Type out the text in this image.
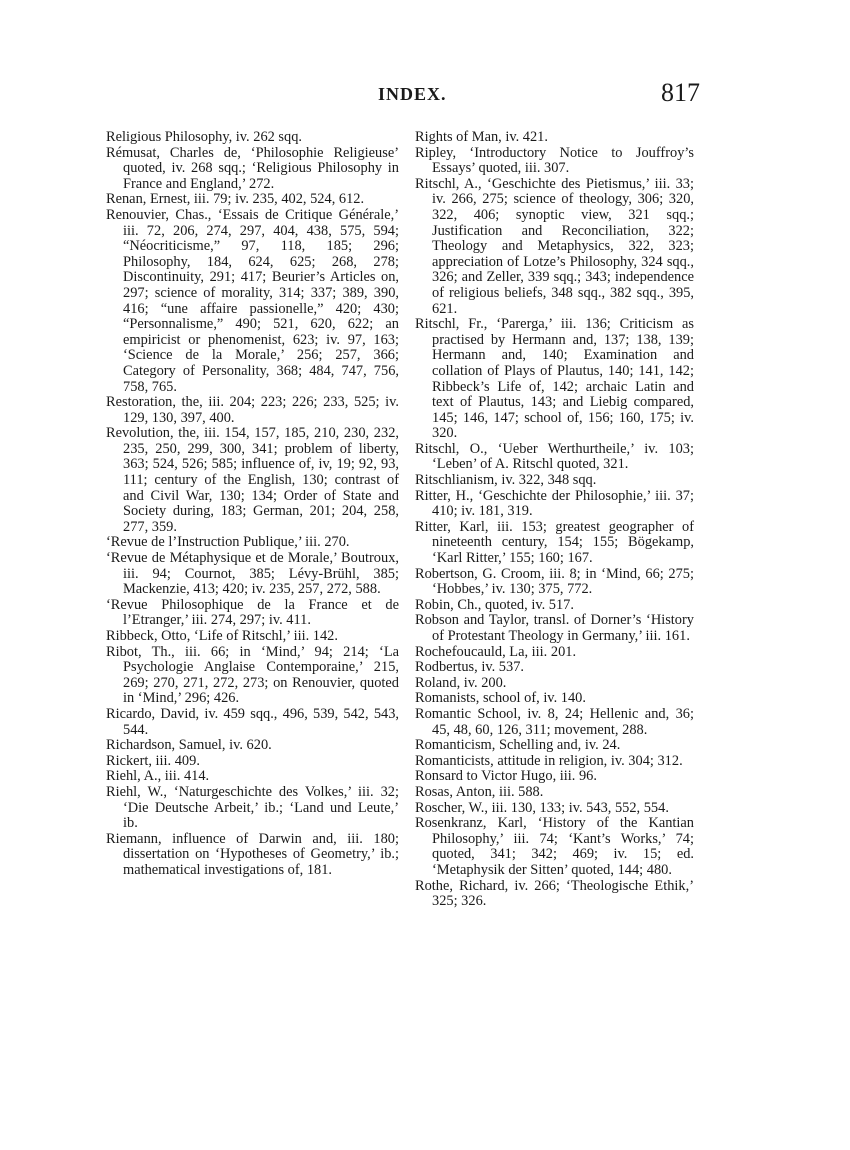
INDEX.	817

Religious Philosophy, iv. 262 sqq.

Rémusat, Charles de, ‘Philosophie Religieuse’ quoted, iv. 268 sqq.; ‘Religious Philosophy in France and England,’ 272.

Renan, Ernest, iii. 79; iv. 235, 402, 524, 612.

Renouvier, Chas., ‘Essais de Critique Générale,’ iii. 72, 206, 274, 297, 404, 438, 575, 594; “Néocriticisme,” 97, 118, 185; 296; Philosophy, 184, 624, 625; 268, 278; Discontinuity, 291; 417; Beurier’s Articles on, 297; science of morality, 314; 337; 389, 390, 416; “une affaire passionelle,” 420; 430; “Personnalisme,” 490; 521, 620, 622; an empiricist or phenomenist, 623; iv. 97, 163; ‘Science de la Morale,’ 256; 257, 366; Category of Personality, 368; 484, 747, 756, 758, 765.

Restoration, the, iii. 204; 223; 226; 233, 525; iv. 129, 130, 397, 400.

Revolution, the, iii. 154, 157, 185, 210, 230, 232, 235, 250, 299, 300, 341; problem of liberty, 363; 524, 526; 585; influence of, iv, 19; 92, 93, 111; century of the English, 130; contrast of and Civil War, 130; 134; Order of State and Society during, 183; German, 201; 204, 258, 277, 359.

‘Revue de l’Instruction Publique,’ iii. 270.

‘Revue de Métaphysique et de Morale,’ Boutroux, iii. 94; Cournot, 385; Lévy-Brühl, 385; Mackenzie, 413; 420; iv. 235, 257, 272, 588.

‘Revue Philosophique de la France et de l’Etranger,’ iii. 274, 297; iv. 411.

Ribbeck, Otto, ‘Life of Ritschl,’ iii. 142.

Ribot, Th., iii. 66; in ‘Mind,’ 94; 214; ‘La Psychologie Anglaise Contemporaine,’ 215, 269; 270, 271, 272, 273; on Renouvier, quoted in ‘Mind,’ 296; 426.

Ricardo, David, iv. 459 sqq., 496, 539, 542, 543, 544.

Richardson, Samuel, iv. 620.

Rickert, iii. 409.

Riehl, A., iii. 414.

Riehl, W., ‘Naturgeschichte des Volkes,’ iii. 32; ‘Die Deutsche Arbeit,’ ib.; ‘Land und Leute,’ ib.

Riemann, influence of Darwin and, iii. 180; dissertation on ‘Hypotheses of Geometry,’ ib.; mathematical investigations of, 181.

Rights of Man, iv. 421.

Ripley, ‘Introductory Notice to Jouffroy’s Essays’ quoted, iii. 307.

Ritschl, A., ‘Geschichte des Pietismus,’ iii. 33; iv. 266, 275; science of theology, 306; 320, 322, 406; synoptic view, 321 sqq.; Justification and Reconciliation, 322; Theology and Metaphysics, 322, 323; appreciation of Lotze’s Philosophy, 324 sqq., 326; and Zeller, 339 sqq.; 343; independence of religious beliefs, 348 sqq., 382 sqq., 395, 621.

Ritschl, Fr., ‘Parerga,’ iii. 136; Criticism as practised by Hermann and, 137; 138, 139; Hermann and, 140; Examination and collation of Plays of Plautus, 140; 141, 142; Ribbeck’s Life of, 142; archaic Latin and text of Plautus, 143; and Liebig compared, 145; 146, 147; school of, 156; 160, 175; iv. 320.

Ritschl, O., ‘Ueber Werthurtheile,’ iv. 103; ‘Leben’ of A. Ritschl quoted, 321.

Ritschlianism, iv. 322, 348 sqq.

Ritter, H., ‘Geschichte der Philosophie,’ iii. 37; 410; iv. 181, 319.

Ritter, Karl, iii. 153; greatest geographer of nineteenth century, 154; 155; Bögekamp, ‘Karl Ritter,’ 155; 160; 167.

Robertson, G. Croom, iii. 8; in ‘Mind, 66; 275; ‘Hobbes,’ iv. 130; 375, 772.

Robin, Ch., quoted, iv. 517.

Robson and Taylor, transl. of Dorner’s ‘History of Protestant Theology in Germany,’ iii. 161.

Rochefoucauld, La, iii. 201.

Rodbertus, iv. 537.

Roland, iv. 200.

Romanists, school of, iv. 140.

Romantic School, iv. 8, 24; Hellenic and, 36; 45, 48, 60, 126, 311; movement, 288.

Romanticism, Schelling and, iv. 24.

Romanticists, attitude in religion, iv. 304; 312.

Ronsard to Victor Hugo, iii. 96.

Rosas, Anton, iii. 588.

Roscher, W., iii. 130, 133; iv. 543, 552, 554.

Rosenkranz, Karl, ‘History of the Kantian Philosophy,’ iii. 74; ‘Kant’s Works,’ 74; quoted, 341; 342; 469; iv. 15; ed. ‘Metaphysik der Sitten’ quoted, 144; 480.

Rothe, Richard, iv. 266; ‘Theologische Ethik,’ 325; 326.
